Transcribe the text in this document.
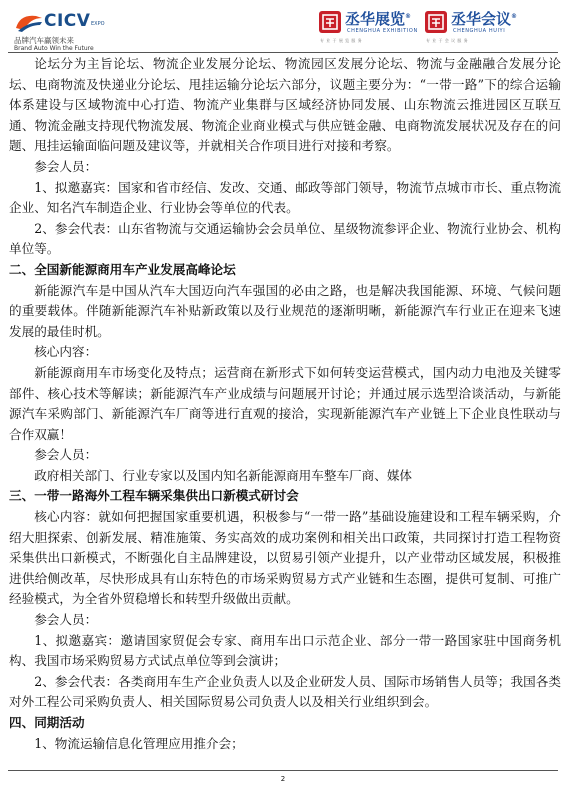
CICV EXPO
品牌汽车赢领未来
Brand Auto Win the Future
丞华展览®
CHENGHUA EXHIBITION
专 业 于 展 览 服 务
丞华会议®
CHENGHUA HUIYI
专 业 于 会 议 服 务

论坛分为主旨论坛、物流企业发展分论坛、物流园区发展分论坛、物流与金融融合发展分论坛、电商物流及快递业分论坛、甩挂运输分论坛六部分，议题主要分为：“一带一路”下的综合运输体系建设与区域物流中心打造、物流产业集群与区域经济协同发展、山东物流云推进园区互联互通、物流金融支持现代物流发展、物流企业商业模式与供应链金融、电商物流发展状况及存在的问题、甩挂运输面临问题及建议等，并就相关合作项目进行对接和考察。

参会人员：

1、拟邀嘉宾：国家和省市经信、发改、交通、邮政等部门领导，物流节点城市市长、重点物流企业、知名汽车制造企业、行业协会等单位的代表。

2、参会代表：山东省物流与交通运输协会会员单位、星级物流参评企业、物流行业协会、机构单位等。

二、全国新能源商用车产业发展高峰论坛

新能源汽车是中国从汽车大国迈向汽车强国的必由之路，也是解决我国能源、环境、气候问题的重要载体。伴随新能源汽车补贴新政策以及行业规范的逐渐明晰，新能源汽车行业正在迎来飞速发展的最佳时机。

核心内容：

新能源商用车市场变化及特点；运营商在新形式下如何转变运营模式，国内动力电池及关键零部件、核心技术等解读；新能源汽车产业成绩与问题展开讨论；并通过展示选型洽谈活动，与新能源汽车采购部门、新能源汽车厂商等进行直观的接洽，实现新能源汽车产业链上下企业良性联动与合作双赢！

参会人员：

政府相关部门、行业专家以及国内知名新能源商用车整车厂商、媒体

三、一带一路海外工程车辆采集供出口新模式研讨会

核心内容：就如何把握国家重要机遇，积极参与“一带一路”基础设施建设和工程车辆采购，介绍大胆探索、创新发展、精准施策、务实高效的成功案例和相关出口政策，共同探讨打造工程物资采集供出口新模式，不断强化自主品牌建设，以贸易引领产业提升，以产业带动区域发展，积极推进供给侧改革，尽快形成具有山东特色的市场采购贸易方式产业链和生态圈，提供可复制、可推广经验模式，为全省外贸稳增长和转型升级做出贡献。

参会人员：

1、拟邀嘉宾：邀请国家贸促会专家、商用车出口示范企业、部分一带一路国家驻中国商务机构、我国市场采购贸易方式试点单位等到会演讲；

2、参会代表：各类商用车生产企业负责人以及企业研发人员、国际市场销售人员等；我国各类对外工程公司采购负责人、相关国际贸易公司负责人以及相关行业组织到会。

四、同期活动

1、物流运输信息化管理应用推介会；

2
